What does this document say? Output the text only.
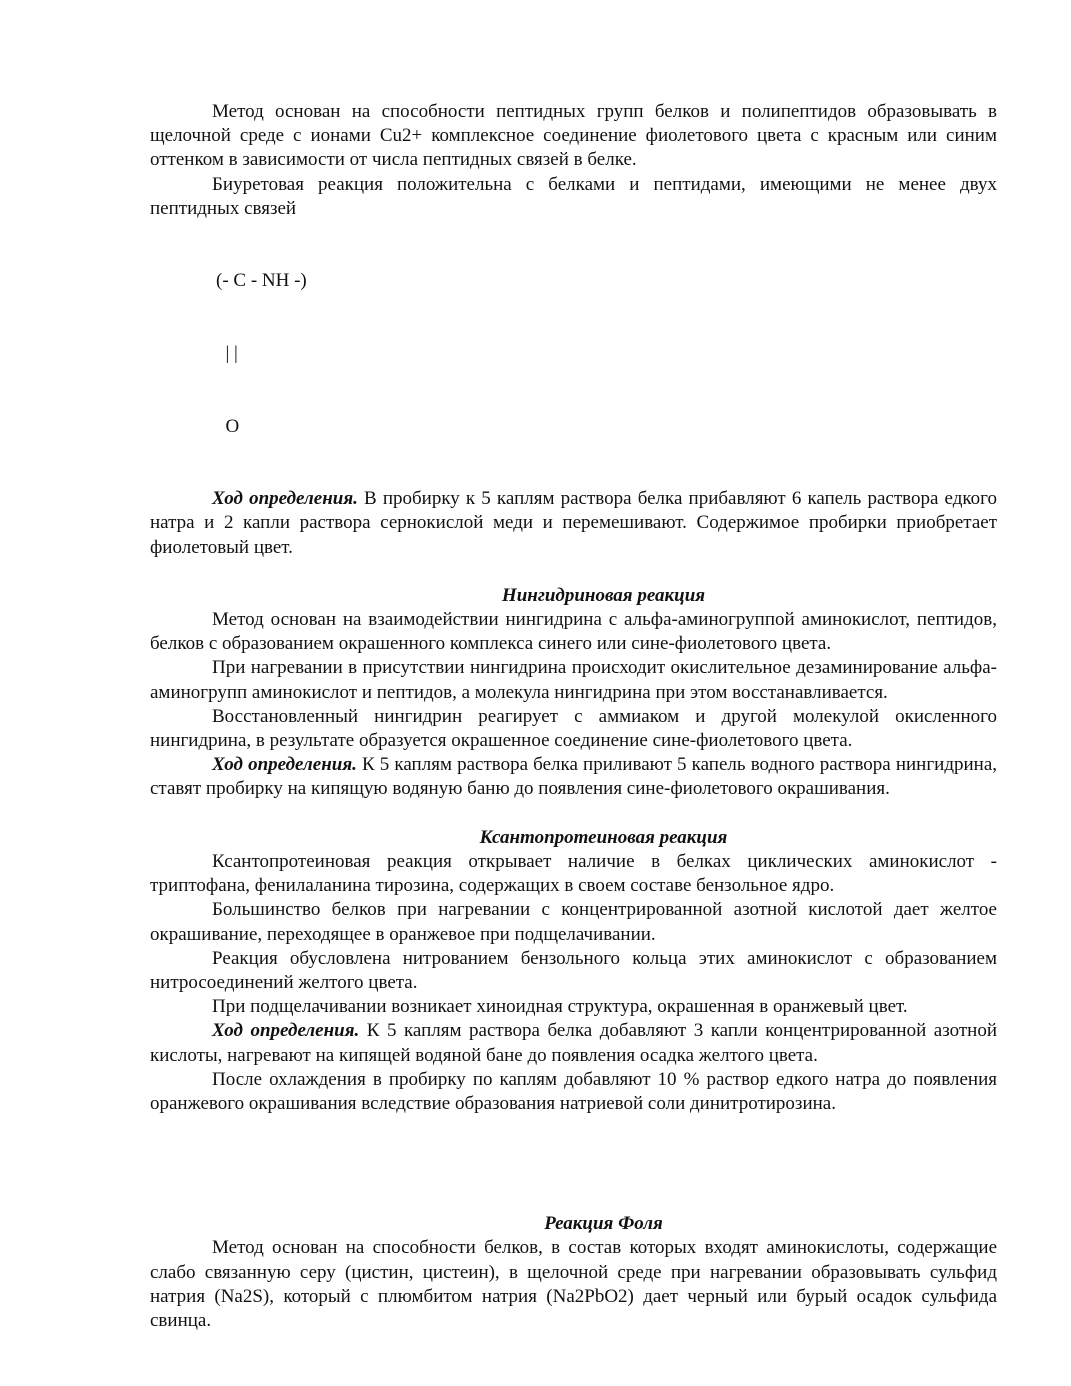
Метод основан на способности пептидных групп белков и полипептидов образовывать в щелочной среде с ионами Cu2+ комплексное соединение фиолетового цвета с красным или синим оттенком в зависимости от числа пептидных связей в белке.

Биуретовая реакция положительна с белками и пептидами, имеющими не менее двух пептидных связей

(- C - NH -)

| |

O

Ход определения. В пробирку к 5 каплям раствора белка прибавляют 6 капель раствора едкого натра и 2 капли раствора сернокислой меди и перемешивают. Содержимое пробирки приобретает фиолетовый цвет.

Нингидриновая реакция

Метод основан на взаимодействии нингидрина с альфа-аминогруппой аминокислот, пептидов, белков с образованием окрашенного комплекса синего или сине-фиолетового цвета.

При нагревании в присутствии нингидрина происходит окислительное дезаминирование альфа-аминогрупп аминокислот и пептидов, а молекула нингидрина при этом восстанавливается.

Восстановленный нингидрин реагирует с аммиаком и другой молекулой окисленного нингидрина, в результате образуется окрашенное соединение сине-фиолетового цвета.

Ход определения. К 5 каплям раствора белка приливают 5 капель водного раствора нингидрина, ставят пробирку на кипящую водяную баню до появления сине-фиолетового окрашивания.

Ксантопротеиновая реакция

Ксантопротеиновая реакция открывает наличие в белках циклических аминокислот - триптофана, фенилаланина тирозина, содержащих в своем составе бензольное ядро.

Большинство белков при нагревании с концентрированной азотной кислотой дает желтое окрашивание, переходящее в оранжевое при подщелачивании.

Реакция обусловлена нитрованием бензольного кольца этих аминокислот с образованием нитросоединений желтого цвета.

При подщелачивании возникает хиноидная структура, окрашенная в оранжевый цвет.

Ход определения. К 5 каплям раствора белка добавляют 3 капли концентрированной азотной кислоты, нагревают на кипящей водяной бане до появления осадка желтого цвета.

После охлаждения в пробирку по каплям добавляют 10 % раствор едкого натра до появления оранжевого окрашивания вследствие образования натриевой соли динитротирозина.

Реакция Фоля

Метод основан на способности белков, в состав которых входят аминокислоты, содержащие слабо связанную серу (цистин, цистеин), в щелочной среде при нагревании образовывать сульфид натрия (Na2S), который с плюмбитом натрия (Na2PbO2) дает черный или бурый осадок сульфида свинца.
